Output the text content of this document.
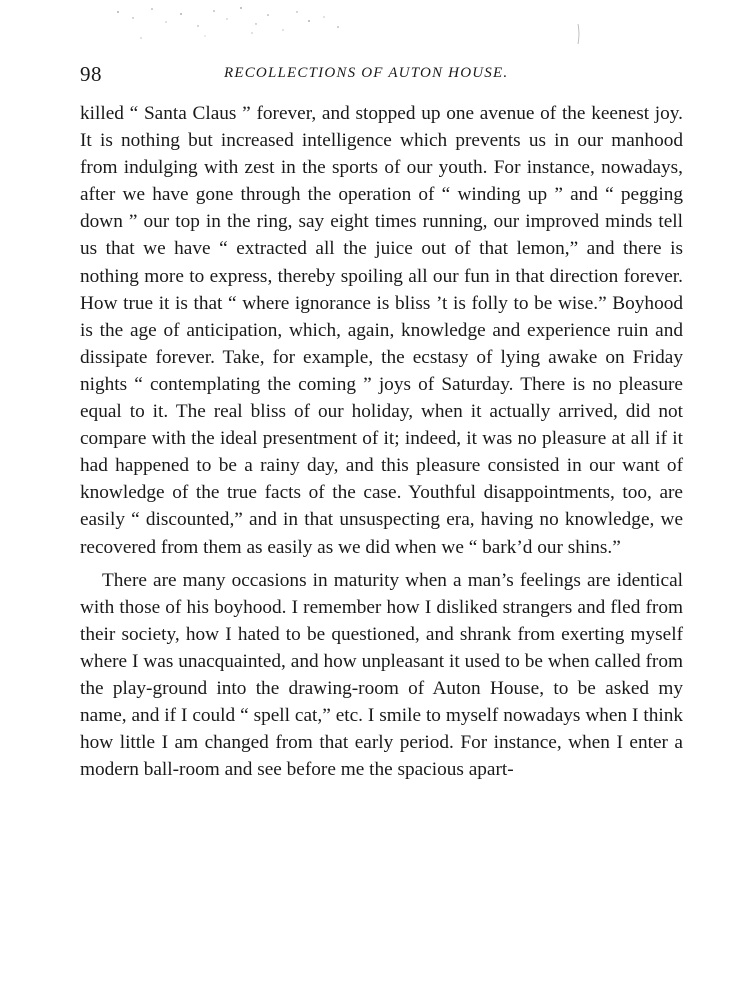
98	RECOLLECTIONS OF AUTON HOUSE.

killed “ Santa Claus ” forever, and stopped up one avenue of the keenest joy. It is nothing but increased intelligence which prevents us in our manhood from indulging with zest in the sports of our youth. For instance, nowadays, after we have gone through the operation of “ winding up ” and “ pegging down ” our top in the ring, say eight times running, our improved minds tell us that we have “ extracted all the juice out of that lemon,” and there is nothing more to express, thereby spoiling all our fun in that direction forever. How true it is that “ where ignorance is bliss ’t is folly to be wise.” Boyhood is the age of anticipation, which, again, knowledge and experience ruin and dissipate forever. Take, for example, the ecstasy of lying awake on Friday nights “ contemplating the coming ” joys of Saturday. There is no pleasure equal to it. The real bliss of our holiday, when it actually arrived, did not compare with the ideal presentment of it; indeed, it was no pleasure at all if it had happened to be a rainy day, and this pleasure consisted in our want of knowledge of the true facts of the case. Youthful disappointments, too, are easily “ discounted,” and in that unsuspecting era, having no knowledge, we recovered from them as easily as we did when we “ bark’d our shins.”

There are many occasions in maturity when a man’s feelings are identical with those of his boyhood. I remember how I disliked strangers and fled from their society, how I hated to be questioned, and shrank from exerting myself where I was unacquainted, and how unpleasant it used to be when called from the play-ground into the drawing-room of Auton House, to be asked my name, and if I could “ spell cat,” etc. I smile to myself nowadays when I think how little I am changed from that early period. For instance, when I enter a modern ball-room and see before me the spacious apart-
